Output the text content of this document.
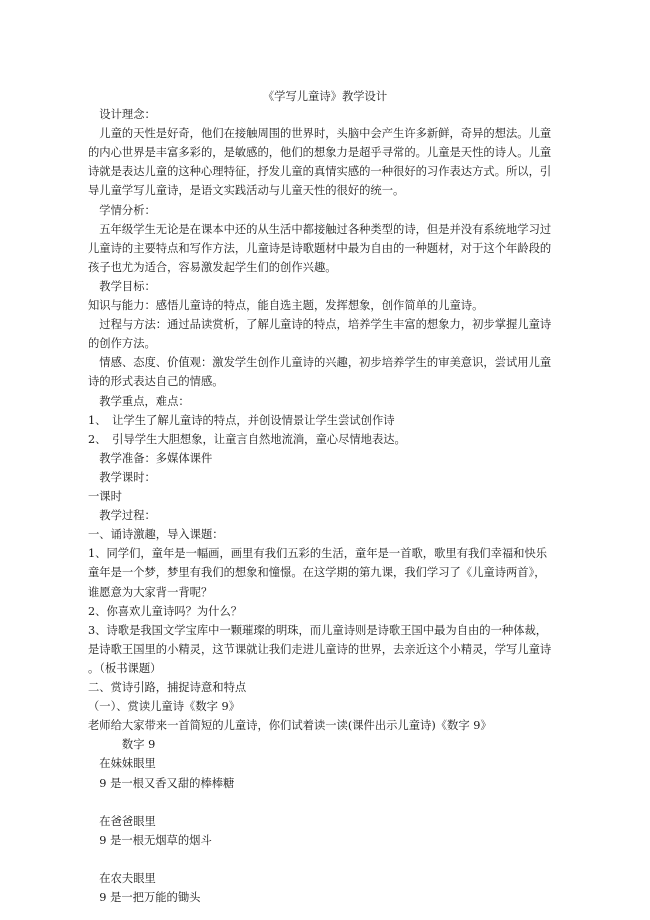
《学写儿童诗》教学设计
　设计理念：
　儿童的天性是好奇，他们在接触周围的世界时，头脑中会产生许多新鲜，奇异的想法。儿童
的内心世界是丰富多彩的，是敏感的，他们的想象力是超乎寻常的。儿童是天性的诗人。儿童
诗就是表达儿童的这种心理特征，抒发儿童的真情实感的一种很好的习作表达方式。所以，引
导儿童学写儿童诗，是语文实践活动与儿童天性的很好的统一。
　学情分析：
　五年级学生无论是在课本中还的从生活中都接触过各种类型的诗，但是并没有系统地学习过
儿童诗的主要特点和写作方法，儿童诗是诗歌题材中最为自由的一种题材，对于这个年龄段的
孩子也尤为适合，容易激发起学生们的创作兴趣。
　教学目标：
知识与能力：感悟儿童诗的特点，能自选主题，发挥想象，创作简单的儿童诗。
　过程与方法：通过品读赏析，了解儿童诗的特点，培养学生丰富的想象力，初步掌握儿童诗
的创作方法。
　情感、态度、价值观：激发学生创作儿童诗的兴趣，初步培养学生的审美意识，尝试用儿童
诗的形式表达自己的情感。
　教学重点，难点：
1、　让学生了解儿童诗的特点，并创设情景让学生尝试创作诗
2、　引导学生大胆想象，让童言自然地流淌，童心尽情地表达。
　教学准备：多媒体课件
　教学课时：
一课时
　教学过程：
一、诵诗激趣，导入课题：
1、同学们，童年是一幅画，画里有我们五彩的生活，童年是一首歌，歌里有我们幸福和快乐
童年是一个梦，梦里有我们的想象和憧憬。在这学期的第九课，我们学习了《儿童诗两首》，
谁愿意为大家背一背呢？
2、你喜欢儿童诗吗？为什么？
3、诗歌是我国文学宝库中一颗璀璨的明珠，而儿童诗则是诗歌王国中最为自由的一种体裁，
是诗歌王国里的小精灵，这节课就让我们走进儿童诗的世界，去亲近这个小精灵，学写儿童诗
。（板书课题）
二、赏诗引路，捕捉诗意和特点
（一）、赏读儿童诗《数字 9》
老师给大家带来一首简短的儿童诗，你们试着读一读(课件出示儿童诗)《数字 9》
　　　数字 9
　在妹妹眼里
　9 是一根又香又甜的棒棒糖
　在爸爸眼里
　9 是一根无烟草的烟斗
　在农夫眼里
　9 是一把万能的锄头
